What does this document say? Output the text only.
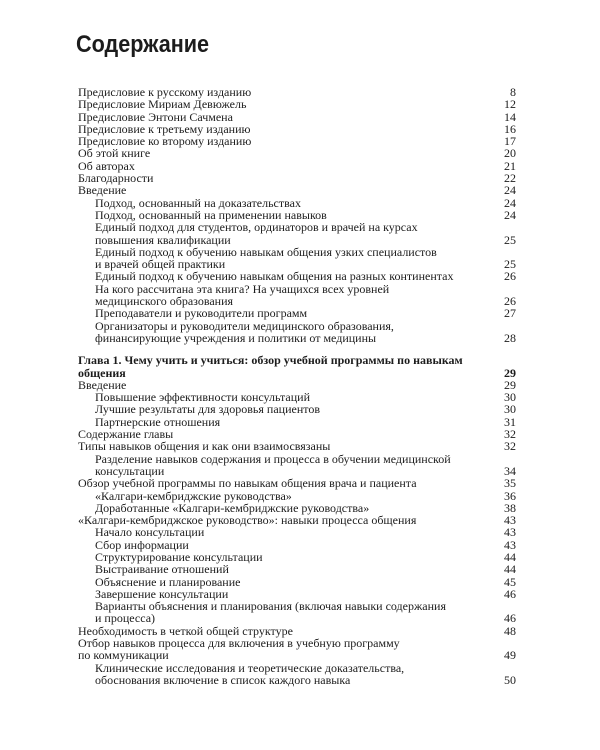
Содержание
Предисловие к русскому изданию	8
Предисловие Мириам Девюжель	12
Предисловие Энтони Сачмена	14
Предисловие к третьему изданию	16
Предисловие ко второму изданию	17
Об этой книге	20
Об авторах	21
Благодарности	22
Введение	24
Подход, основанный на доказательствах	24
Подход, основанный на применении навыков	24
Единый подход для студентов, ординаторов и врачей на курсах
повышения квалификации	25
Единый подход к обучению навыкам общения узких специалистов
и врачей общей практики	25
Единый подход к обучению навыкам общения на разных континентах	26
На кого рассчитана эта книга? На учащихся всех уровней
медицинского образования	26
Преподаватели и руководители программ	27
Организаторы и руководители медицинского образования,
финансирующие учреждения и политики от медицины	28
Глава 1. Чему учить и учиться: обзор учебной программы по навыкам
общения	29
Введение	29
Повышение эффективности консультаций	30
Лучшие результаты для здоровья пациентов	30
Партнерские отношения	31
Содержание главы	32
Типы навыков общения и как они взаимосвязаны	32
Разделение навыков содержания и процесса в обучении медицинской
консультации	34
Обзор учебной программы по навыкам общения врача и пациента	35
«Калгари-кембриджские руководства»	36
Доработанные «Калгари-кембриджские руководства»	38
«Калгари-кембриджское руководство»: навыки процесса общения	43
Начало консультации	43
Сбор информации	43
Структурирование консультации	44
Выстраивание отношений	44
Объяснение и планирование	45
Завершение консультации	46
Варианты объяснения и планирования (включая навыки содержания
и процесса)	46
Необходимость в четкой общей структуре	48
Отбор навыков процесса для включения в учебную программу
по коммуникации	49
Клинические исследования и теоретические доказательства,
обоснования включение в список каждого навыка	50
